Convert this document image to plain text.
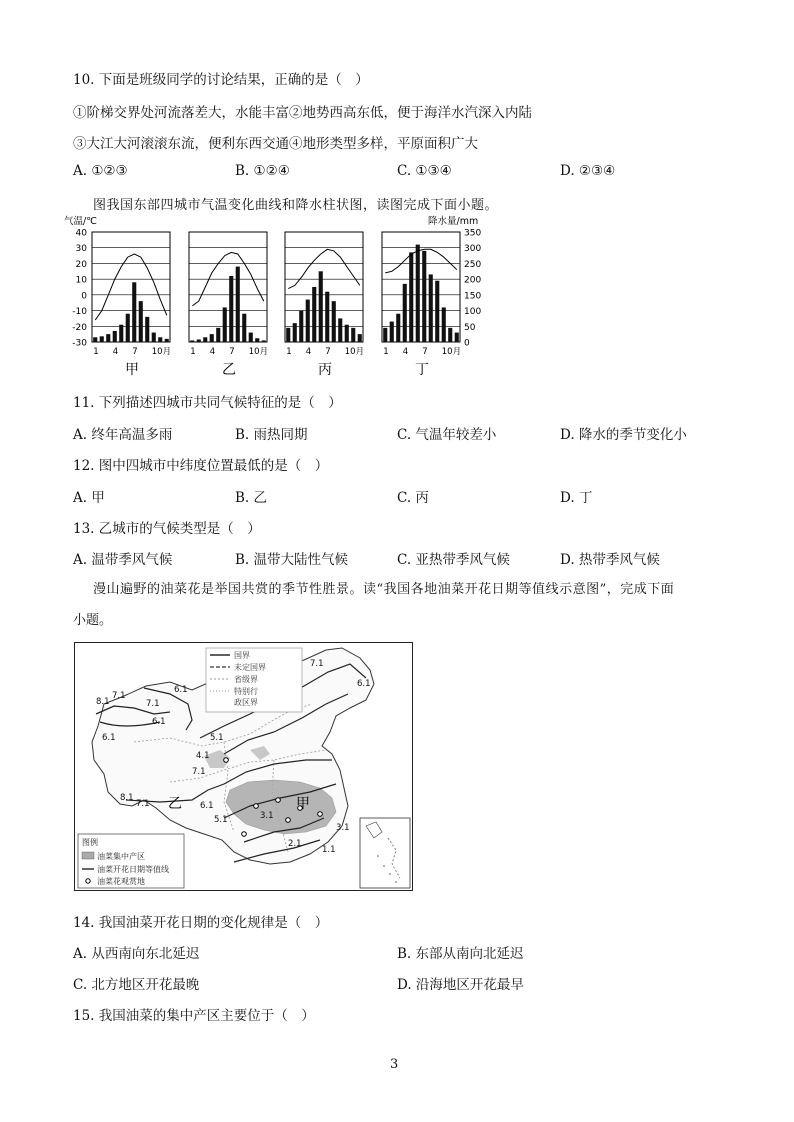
10. 下面是班级同学的讨论结果，正确的是（　）
①阶梯交界处河流落差大，水能丰富②地势西高东低，便于海洋水汽深入内陆
③大江大河滚滚东流，便利东西交通④地形类型多样，平原面积广大
A. ①②③	B. ①②④	C. ①③④	D. ②③④
图我国东部四城市气温变化曲线和降水柱状图，读图完成下面小题。
气温/℃	降水量/mm
40
30
20
10
0
-10
-20
-30
350
300
250
200
150
100
50
0
1 4 7 10月
甲
1 4 7 10月
乙
1 4 7 10月
丙
1 4 7 10月
丁
11. 下列描述四城市共同气候特征的是（　）
A. 终年高温多雨	B. 雨热同期	C. 气温年较差小	D. 降水的季节变化小
12. 图中四城市中纬度位置最低的是（　）
A. 甲	B. 乙	C. 丙	D. 丁
13. 乙城市的气候类型是（　）
A. 温带季风气候	B. 温带大陆性气候	C. 亚热带季风气候	D. 热带季风气候
漫山遍野的油菜花是举国共赏的季节性胜景。读“我国各地油菜开花日期等值线示意图”，完成下面
小题。
7.1
6.1
8.1
7.1
6.1
7.1
6.1
6.1	5.1
4.1
7.1
8.1
7.1	6.1
5.1	3.1
2.1
1.1
3.1
乙	甲
国界
未定国界
省级界
特别行
政区界
图例
油菜集中产区
油菜开花日期等值线
油菜花观赏地
14. 我国油菜开花日期的变化规律是（　）
A. 从西南向东北延迟	B. 东部从南向北延迟
C. 北方地区开花最晚	D. 沿海地区开花最早
15. 我国油菜的集中产区主要位于（　）
3
